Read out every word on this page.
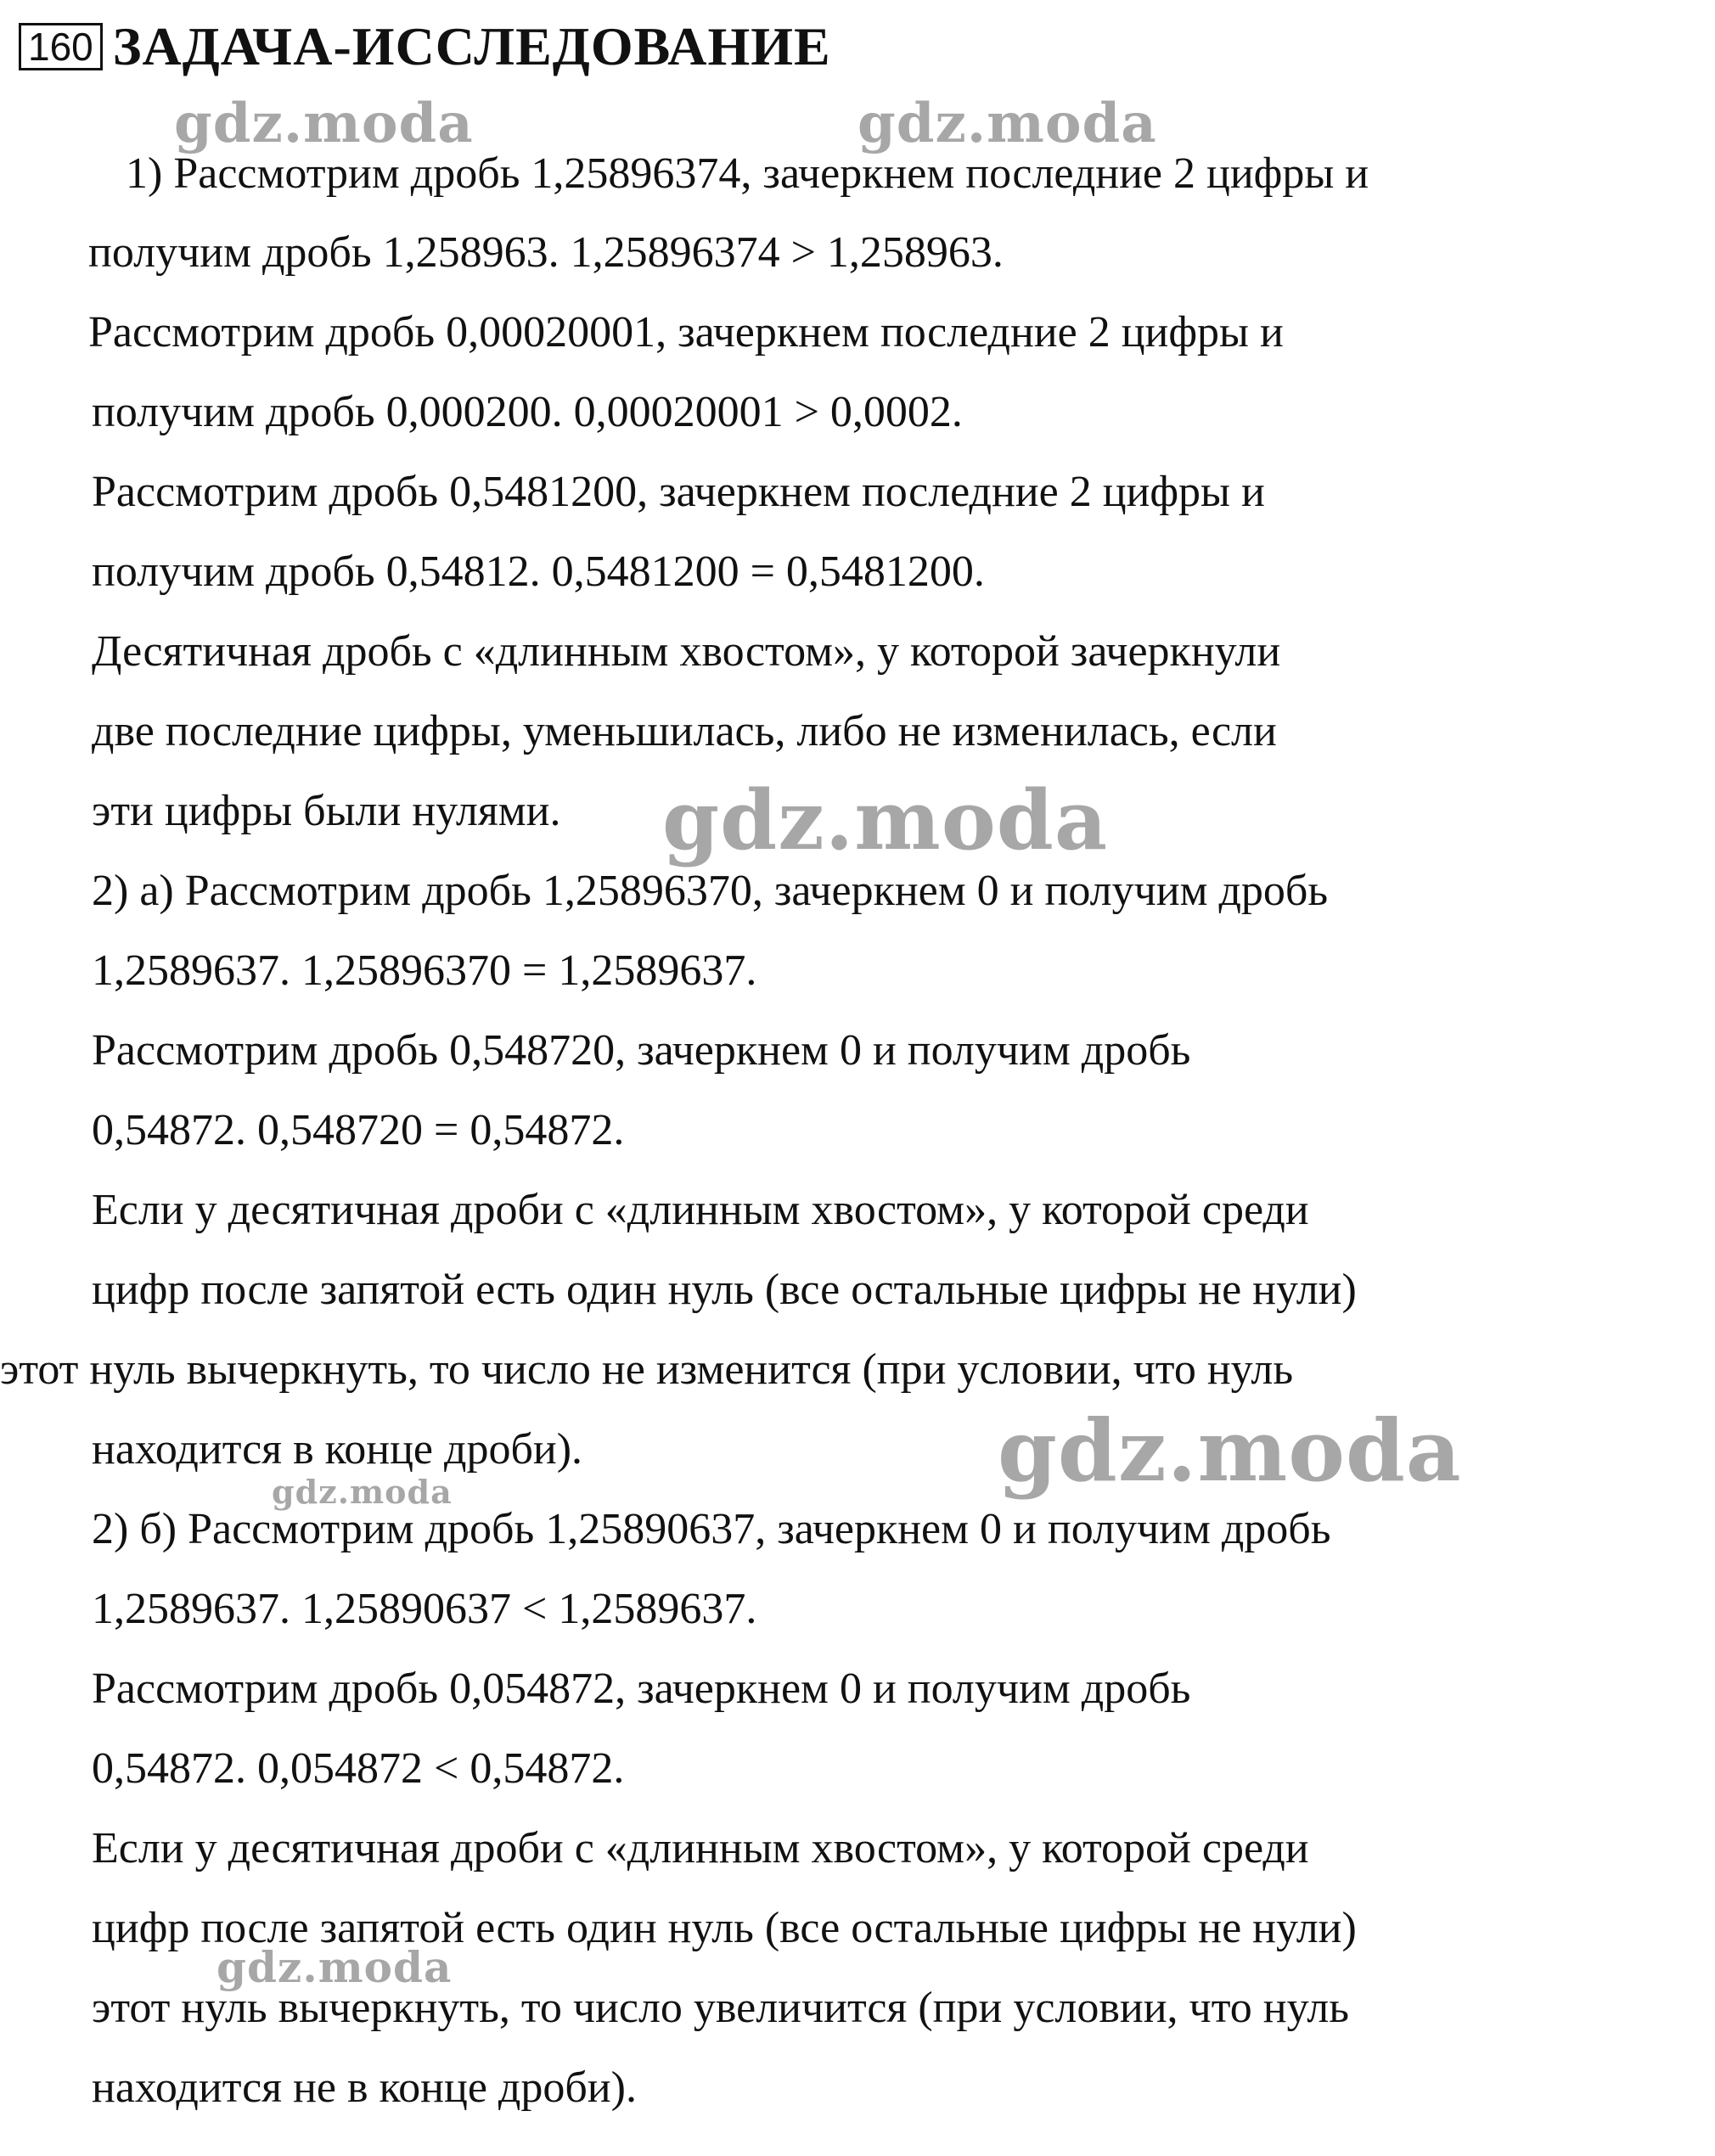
160 ЗАДАЧА-ИССЛЕДОВАНИЕ
gdz.moda	gdz.moda
gdz.moda
gdz.moda
gdz.moda
gdz.moda
1) Рассмотрим дробь 1,25896374, зачеркнем последние 2 цифры и
получим дробь 1,258963. 1,25896374 > 1,258963.
Рассмотрим дробь 0,00020001, зачеркнем последние 2 цифры и
получим дробь 0,000200. 0,00020001 > 0,0002.
Рассмотрим дробь 0,5481200, зачеркнем последние 2 цифры и
получим дробь 0,54812. 0,5481200 = 0,5481200.
Десятичная дробь с «длинным хвостом», у которой зачеркнули
две последние цифры, уменьшилась, либо не изменилась, если
эти цифры были нулями.
2) а) Рассмотрим дробь 1,25896370, зачеркнем 0 и получим дробь
1,2589637. 1,25896370 = 1,2589637.
Рассмотрим дробь 0,548720, зачеркнем 0 и получим дробь
0,54872. 0,548720 = 0,54872.
Если у десятичная дроби с «длинным хвостом», у которой среди
цифр после запятой есть один нуль (все остальные цифры не нули)
этот нуль вычеркнуть, то число не изменится (при условии, что нуль
находится в конце дроби).
2) б) Рассмотрим дробь 1,25890637, зачеркнем 0 и получим дробь
1,2589637. 1,25890637 < 1,2589637.
Рассмотрим дробь 0,054872, зачеркнем 0 и получим дробь
0,54872. 0,054872 < 0,54872.
Если у десятичная дроби с «длинным хвостом», у которой среди
цифр после запятой есть один нуль (все остальные цифры не нули)
этот нуль вычеркнуть, то число увеличится (при условии, что нуль
находится не в конце дроби).
